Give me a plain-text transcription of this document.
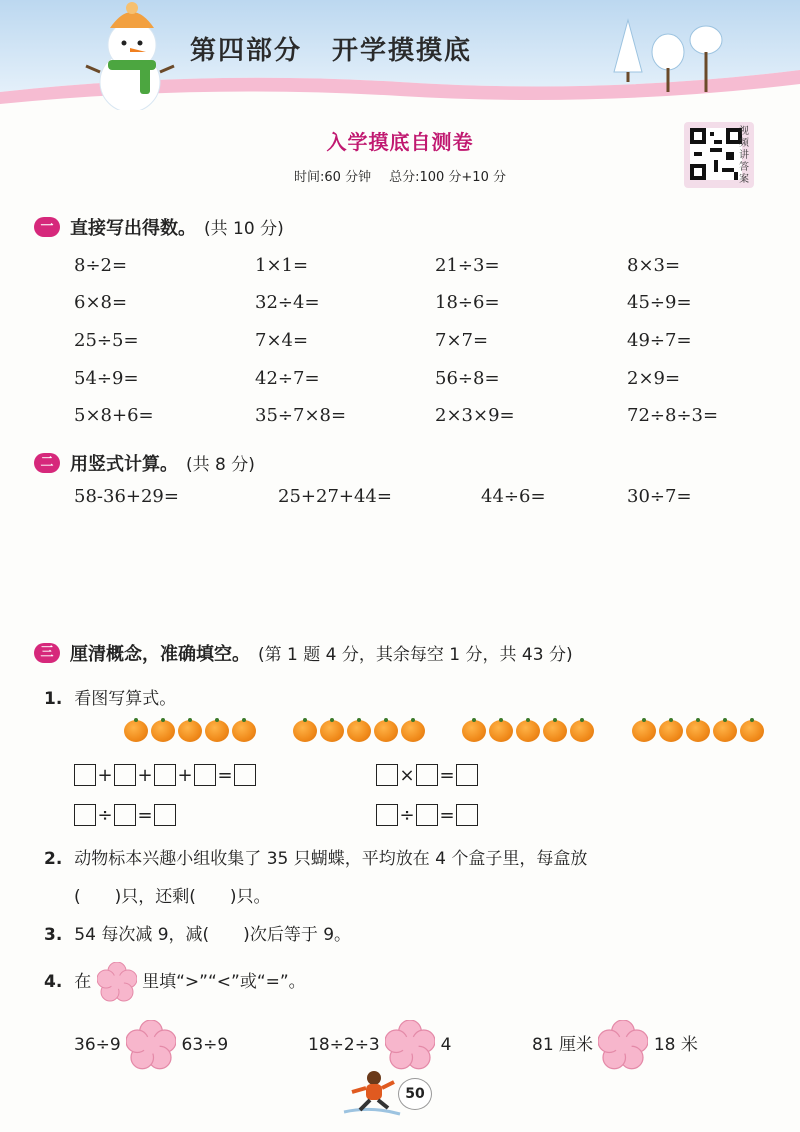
第四部分 开学摸摸底
入学摸底自测卷
时间:60 分钟 总分:100 分+10 分
视频讲答案
一 直接写出得数。 (共 10 分)
8÷2=	1×1=	21÷3=	8×3=
6×8=	32÷4=	18÷6=	45÷9=
25÷5=	7×4=	7×7=	49÷7=
54÷9=	42÷7=	56÷8=	2×9=
5×8+6=	35÷7×8=	2×3×9=	72÷8÷3=
二 用竖式计算。 (共 8 分)
58-36+29=	25+27+44=	44÷6=	30÷7=
三 厘清概念，准确填空。 (第 1 题 4 分，其余每空 1 分，共 43 分)
1. 看图写算式。

+ + + =	× =
÷ =	÷ =
2. 动物标本兴趣小组收集了 35 只蝴蝶，平均放在 4 个盒子里，每盒放
(　　)只，还剩(　　)只。
3. 54 每次减 9，减(　　)次后等于 9。
4. 在	里填“>”“<”或“=”。
36÷9	63÷9	18÷2÷3	4	81 厘米	18 米
50
